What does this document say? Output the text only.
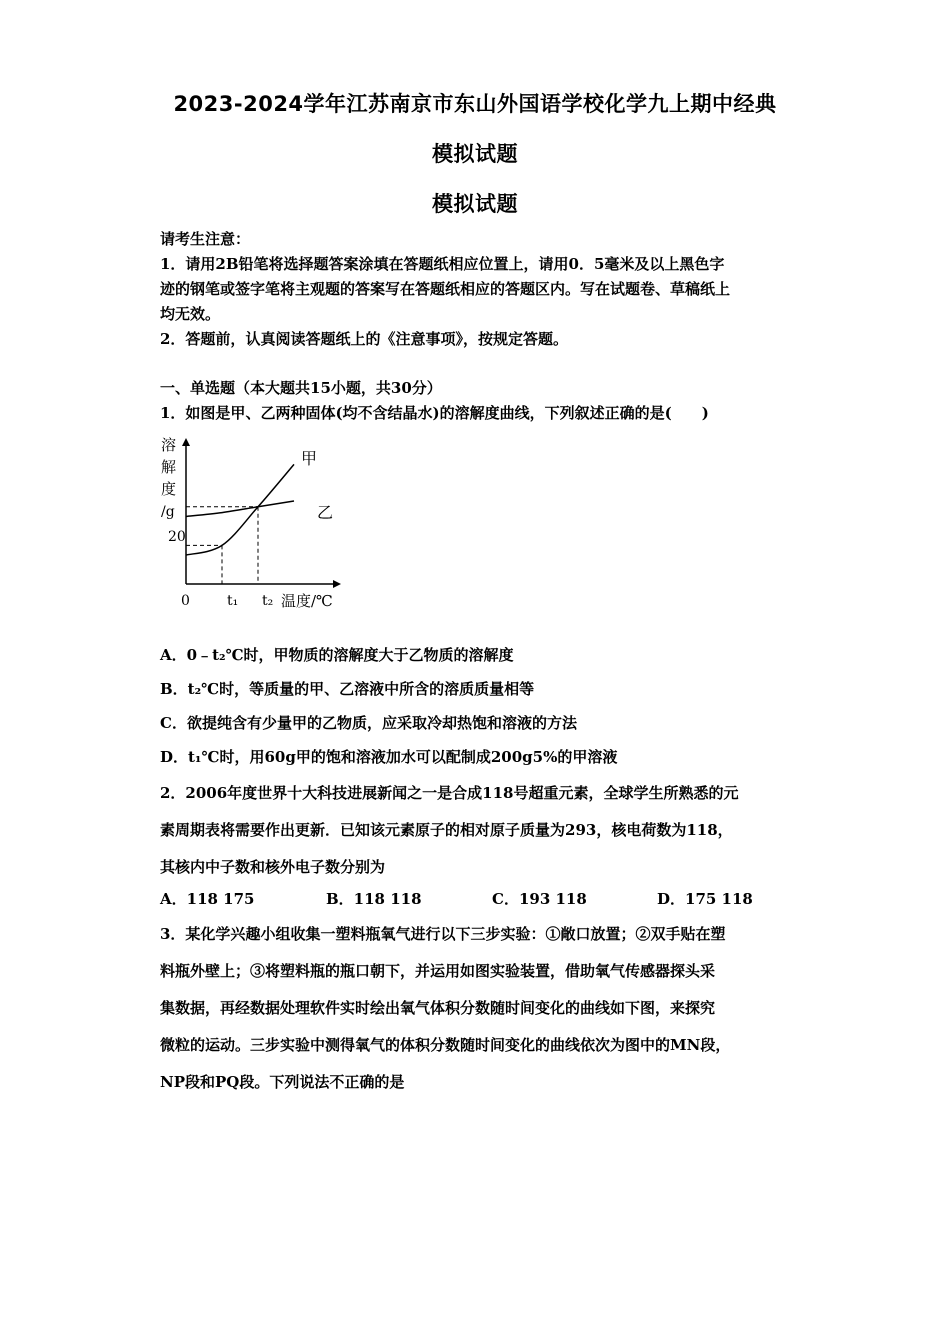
2023-2024学年江苏南京市东山外国语学校化学九上期中经典
模拟试题
模拟试题
请考生注意：
1．请用2B铅笔将选择题答案涂填在答题纸相应位置上，请用0．5毫米及以上黑色字
迹的钢笔或签字笔将主观题的答案写在答题纸相应的答题区内。写在试题卷、草稿纸上
均无效。
2．答题前，认真阅读答题纸上的《注意事项》，按规定答题。
一、单选题（本大题共15小题，共30分）
1．如图是甲、乙两种固体(均不含结晶水)的溶解度曲线，下列叙述正确的是(　　)
溶
解
度
/g
甲
乙
20
0	t₁ t₂ 温度/℃
A．0﹣t₂℃时，甲物质的溶解度大于乙物质的溶解度
B．t₂℃时，等质量的甲、乙溶液中所含的溶质质量相等
C．欲提纯含有少量甲的乙物质，应采取冷却热饱和溶液的方法
D．t₁℃时，用60g甲的饱和溶液加水可以配制成200g5%的甲溶液
2．2006年度世界十大科技进展新闻之一是合成118号超重元素，全球学生所熟悉的元
素周期表将需要作出更新．已知该元素原子的相对原子质量为293，核电荷数为118，
其核内中子数和核外电子数分别为
A．118 175	B．118 118	C．193 118	D．175 118
3．某化学兴趣小组收集一塑料瓶氧气进行以下三步实验：①敞口放置；②双手贴在塑
料瓶外壁上；③将塑料瓶的瓶口朝下，并运用如图实验装置，借助氧气传感器探头采
集数据，再经数据处理软件实时绘出氧气体积分数随时间变化的曲线如下图，来探究
微粒的运动。三步实验中测得氧气的体积分数随时间变化的曲线依次为图中的MN段，
NP段和PQ段。下列说法不正确的是
